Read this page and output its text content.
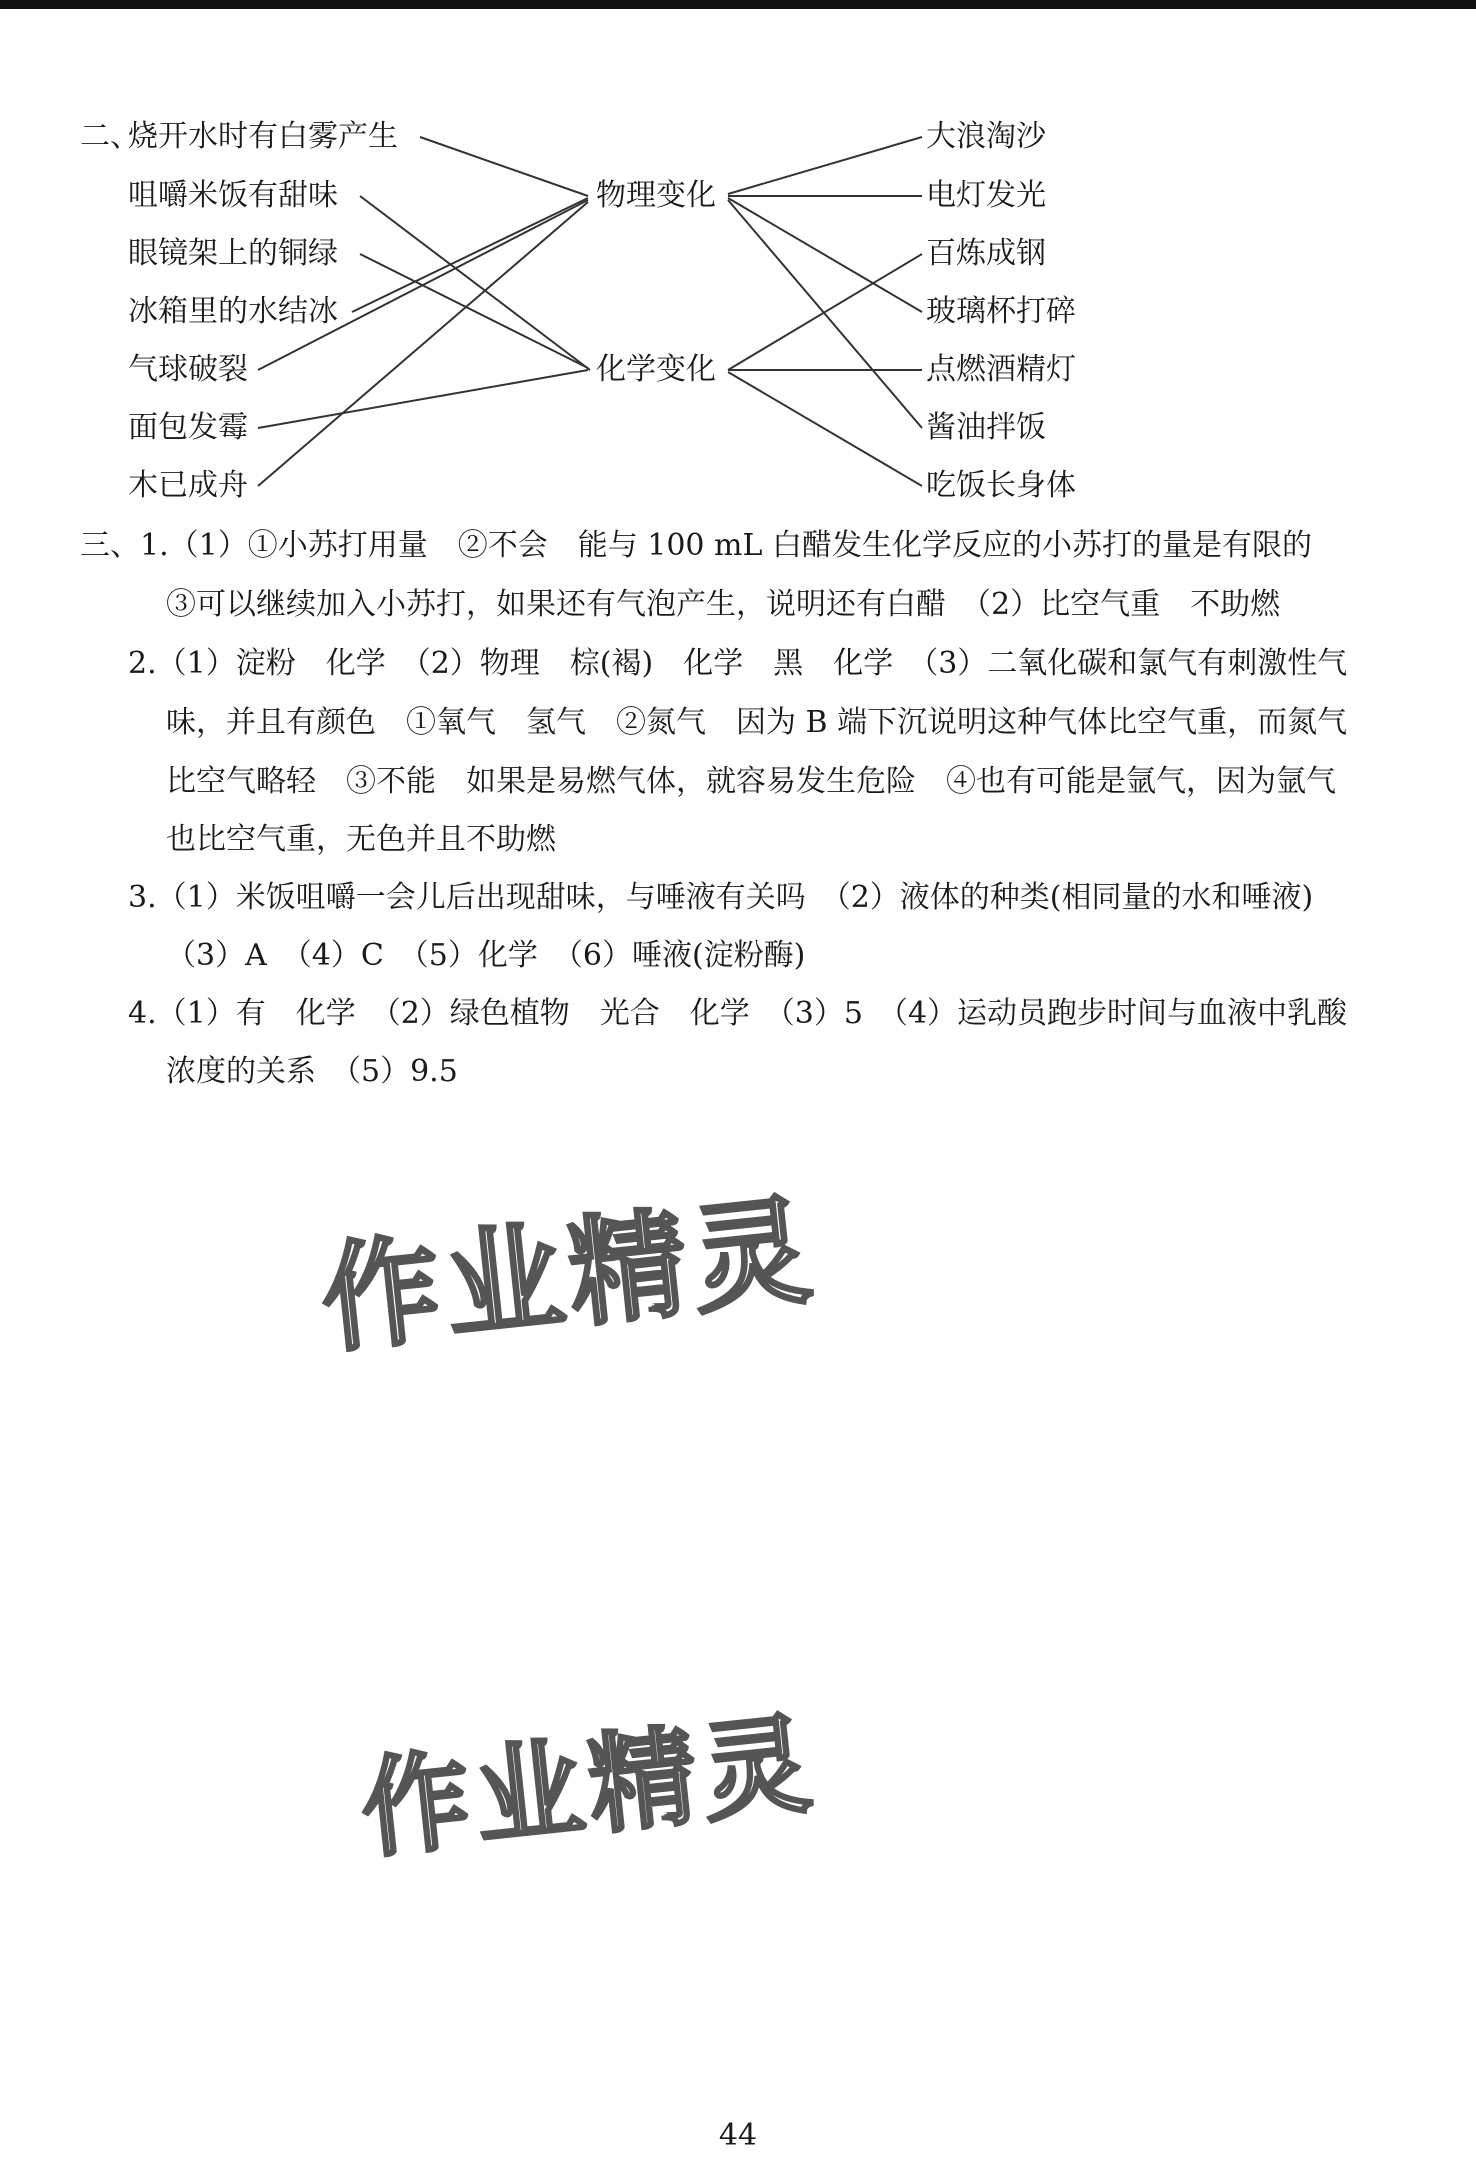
二、
烧开水时有白雾产生
咀嚼米饭有甜味
眼镜架上的铜绿
冰箱里的水结冰
气球破裂
面包发霉
木已成舟
物理变化
化学变化
大浪淘沙
电灯发光
百炼成钢
玻璃杯打碎
点燃酒精灯
酱油拌饭
吃饭长身体
三、1.（1）①小苏打用量　②不会　能与 100 mL 白醋发生化学反应的小苏打的量是有限的
③可以继续加入小苏打，如果还有气泡产生，说明还有白醋　（2）比空气重　不助燃
2.（1）淀粉　化学　（2）物理　棕(褐)　化学　黑　化学　（3）二氧化碳和氯气有刺激性气
味，并且有颜色　①氧气　氢气　②氮气　因为 B 端下沉说明这种气体比空气重，而氮气
比空气略轻　③不能　如果是易燃气体，就容易发生危险　④也有可能是氩气，因为氩气
也比空气重，无色并且不助燃
3.（1）米饭咀嚼一会儿后出现甜味，与唾液有关吗　（2）液体的种类(相同量的水和唾液)
（3）A　（4）C　（5）化学　（6）唾液(淀粉酶)
4.（1）有　化学　（2）绿色植物　光合　化学　（3）5　（4）运动员跑步时间与血液中乳酸
浓度的关系　（5）9.5
作业精灵
作业精灵
44
